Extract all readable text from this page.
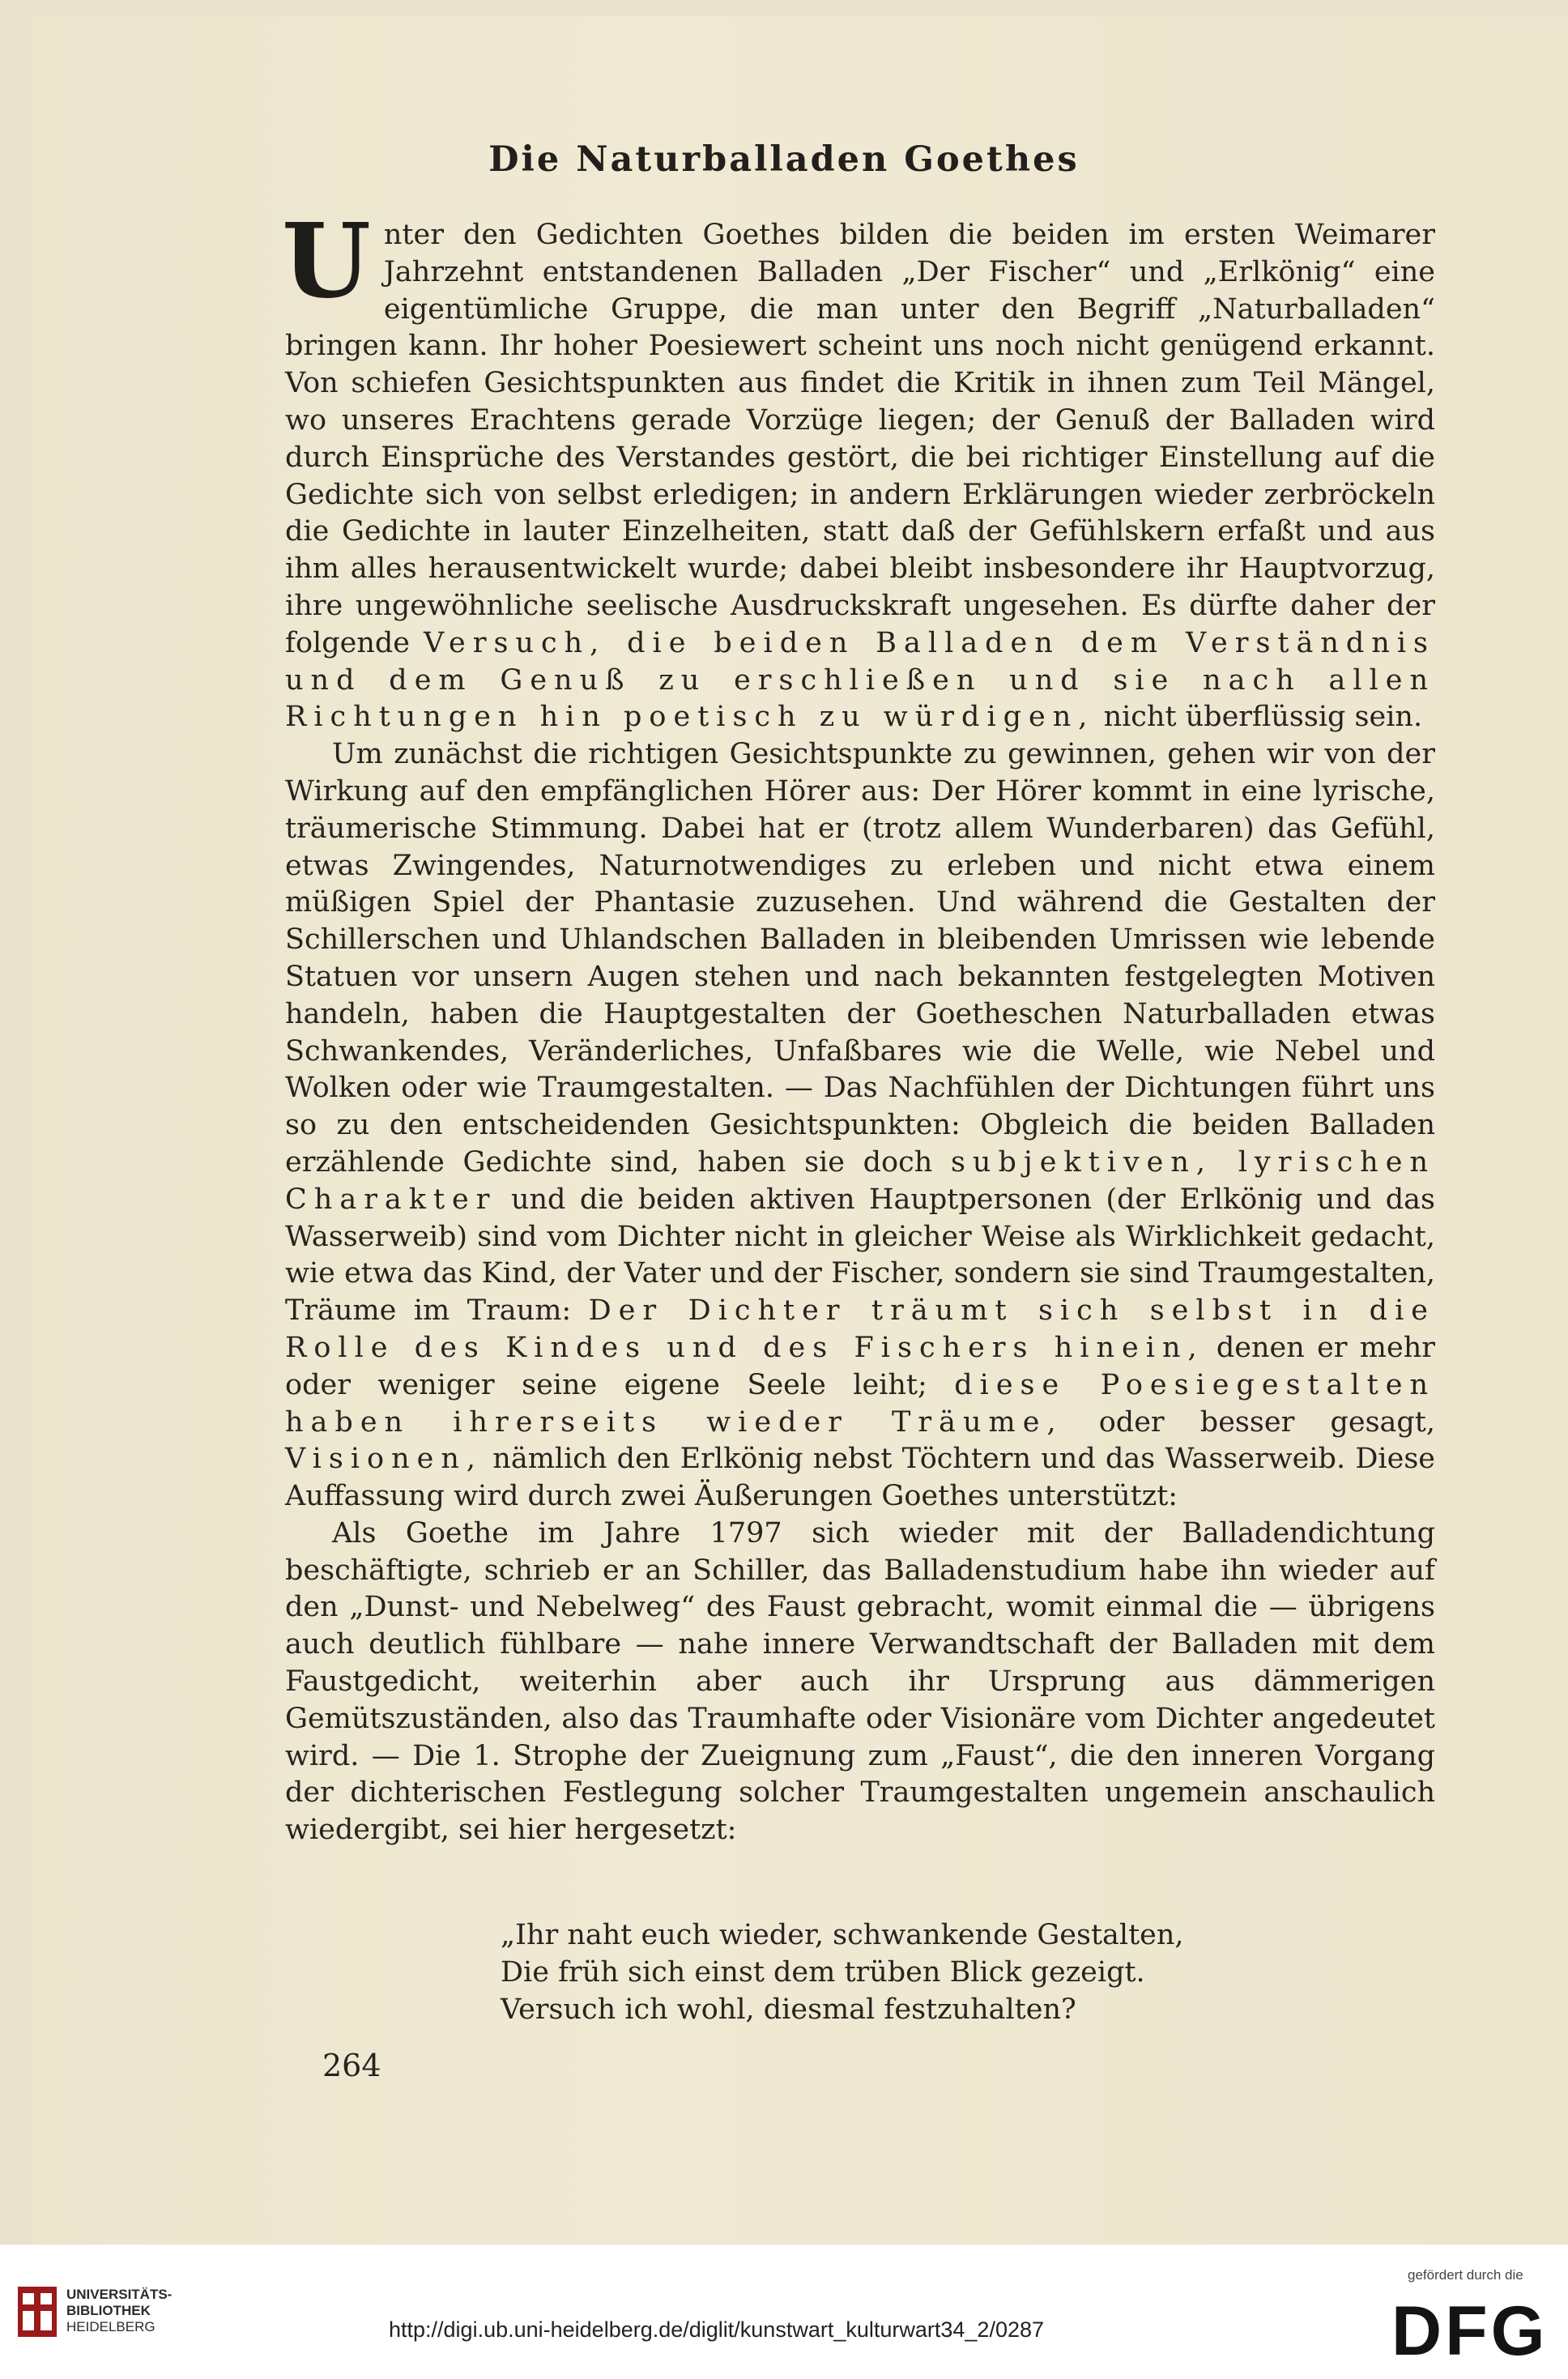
Die Naturballaden Goethes

Unter den Gedichten Goethes bilden die beiden im ersten Weimarer Jahrzehnt entstandenen Balladen „Der Fischer“ und „Erlkönig“ eine eigentümliche Gruppe, die man unter den Begriff „Naturballaden“ bringen kann. Ihr hoher Poesiewert scheint uns noch nicht genügend erkannt. Von schiefen Gesichtspunkten aus findet die Kritik in ihnen zum Teil Mängel, wo unseres Erachtens gerade Vorzüge liegen; der Genuß der Balladen wird durch Einsprüche des Verstandes gestört, die bei richtiger Einstellung auf die Gedichte sich von selbst erledigen; in andern Erklärungen wieder zerbröckeln die Gedichte in lauter Einzelheiten, statt daß der Gefühlskern erfaßt und aus ihm alles herausentwickelt wurde; dabei bleibt insbesondere ihr Hauptvorzug, ihre ungewöhnliche seelische Ausdruckskraft ungesehen. Es dürfte daher der folgende Versuch, die beiden Balladen dem Verständnis und dem Genuß zu erschließen und sie nach allen Richtungen hin poetisch zu würdigen, nicht überflüssig sein.

Um zunächst die richtigen Gesichtspunkte zu gewinnen, gehen wir von der Wirkung auf den empfänglichen Hörer aus: Der Hörer kommt in eine lyrische, träumerische Stimmung. Dabei hat er (trotz allem Wunderbaren) das Gefühl, etwas Zwingendes, Naturnotwendiges zu erleben und nicht etwa einem müßigen Spiel der Phantasie zuzusehen. Und während die Gestalten der Schillerschen und Uhlandschen Balladen in bleibenden Umrissen wie lebende Statuen vor unsern Augen stehen und nach bekannten festgelegten Motiven handeln, haben die Hauptgestalten der Goetheschen Naturballaden etwas Schwankendes, Veränderliches, Unfaßbares wie die Welle, wie Nebel und Wolken oder wie Traumgestalten. — Das Nachfühlen der Dichtungen führt uns so zu den entscheidenden Gesichtspunkten: Obgleich die beiden Balladen erzählende Gedichte sind, haben sie doch subjektiven, lyrischen Charakter und die beiden aktiven Hauptpersonen (der Erlkönig und das Wasserweib) sind vom Dichter nicht in gleicher Weise als Wirklichkeit gedacht, wie etwa das Kind, der Vater und der Fischer, sondern sie sind Traumgestalten, Träume im Traum: Der Dichter träumt sich selbst in die Rolle des Kindes und des Fischers hinein, denen er mehr oder weniger seine eigene Seele leiht; diese Poesiegestalten haben ihrerseits wieder Träume, oder besser gesagt, Visionen, nämlich den Erlkönig nebst Töchtern und das Wasserweib. Diese Auffassung wird durch zwei Äußerungen Goethes unterstützt:

Als Goethe im Jahre 1797 sich wieder mit der Balladendichtung beschäftigte, schrieb er an Schiller, das Balladenstudium habe ihn wieder auf den „Dunst- und Nebelweg“ des Faust gebracht, womit einmal die — übrigens auch deutlich fühlbare — nahe innere Verwandtschaft der Balladen mit dem Faustgedicht, weiterhin aber auch ihr Ursprung aus dämmerigen Gemütszuständen, also das Traumhafte oder Visionäre vom Dichter angedeutet wird. — Die 1. Strophe der Zueignung zum „Faust“, die den inneren Vorgang der dichterischen Festlegung solcher Traumgestalten ungemein anschaulich wiedergibt, sei hier hergesetzt:

„Ihr naht euch wieder, schwankende Gestalten,
Die früh sich einst dem trüben Blick gezeigt.
Versuch ich wohl, diesmal festzuhalten?
264
UNIVERSITÄTS-
BIBLIOTHEK
HEIDELBERG	http://digi.ub.uni-heidelberg.de/diglit/kunstwart_kulturwart34_2/0287
gefördert durch die
DFG
